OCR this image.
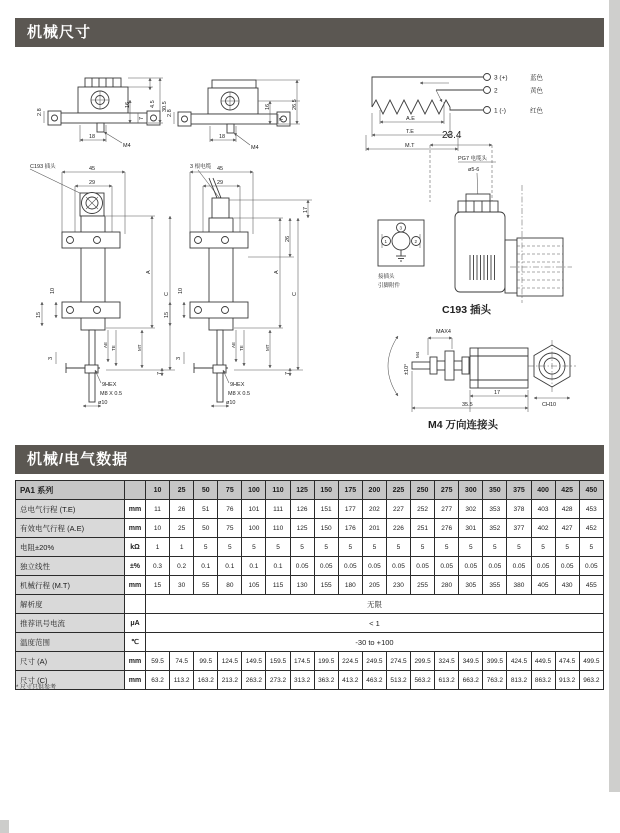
机械尺寸
M4
2.8
18
4.5 30.5
16
7
M4
2.8
18
16
7
26.5
C193 插头	3 根电缆
45
29
A
C
10
15
3
AE
TE	MT
7
9HEX
M8 X 0.5
ø10
45
29
17
26
A
C
10
15
3
AE
TE	MT
7
9HEX
M8 X 0.5
ø10
3 (+)	蓝色
2	黄色
1 (-)	红色
A.E
T.E
M.T
23.4
PG7 电缆头
ø5-6
C193 插头
1	2
3
接插头
引脚附件
±10°
M4
MAX4
17
35.5	CH10
M4 万向连接头
机械/电气数据
PA1 系列		10	25	50	75	100	110	125	150	175	200	225	250	275	300	350	375	400	425	450
总电气行程 (T.E)	mm	11	26	51	76	101	111	126	151	177	202	227	252	277	302	353	378	403	428	453
有效电气行程 (A.E)	mm	10	25	50	75	100	110	125	150	176	201	226	251	276	301	352	377	402	427	452
电阻±20%	kΩ	1	1	5	5	5	5	5	5	5	5	5	5	5	5	5	5	5	5	5
独立线性	±%	0.3	0.2	0.1	0.1	0.1	0.1	0.05	0.05	0.05	0.05	0.05	0.05	0.05	0.05	0.05	0.05	0.05	0.05	0.05
机械行程 (M.T)	mm	15	30	55	80	105	115	130	155	180	205	230	255	280	305	355	380	405	430	455
解析度		无限																		
推荐讯号电流	μA	< 1																		
温度范围	℃	-30 to +100																		
尺寸 (A)	mm	59.5	74.5	99.5	124.5	149.5	159.5	174.5	199.5	224.5	249.5	274.5	299.5	324.5	349.5	399.5	424.5	449.5	474.5	499.5
尺寸 (C)	mm	63.2	113.2	163.2	213.2	263.2	273.2	313.2	363.2	413.2	463.2	513.2	563.2	613.2	663.2	763.2	813.2	863.2	913.2	963.2
* 尺寸只供参考
